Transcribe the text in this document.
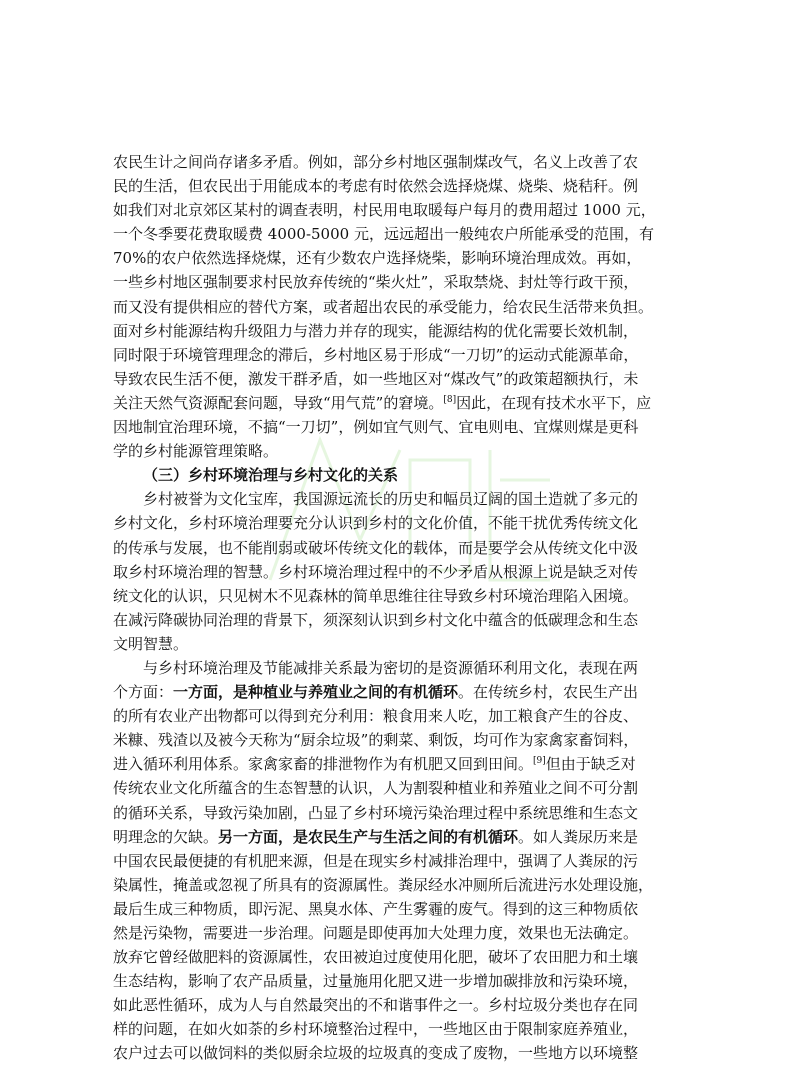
农民生计之间尚存诸多矛盾。例如，部分乡村地区强制煤改气，名义上改善了农
民的生活，但农民出于用能成本的考虑有时依然会选择烧煤、烧柴、烧秸秆。例
如我们对北京郊区某村的调查表明，村民用电取暖每户每月的费用超过 1000 元，
一个冬季要花费取暖费 4000-5000 元，远远超出一般纯农户所能承受的范围，有
70%的农户依然选择烧煤，还有少数农户选择烧柴，影响环境治理成效。再如，
一些乡村地区强制要求村民放弃传统的“柴火灶”，采取禁烧、封灶等行政干预，
而又没有提供相应的替代方案，或者超出农民的承受能力，给农民生活带来负担。
面对乡村能源结构升级阻力与潜力并存的现实，能源结构的优化需要长效机制，
同时限于环境管理理念的滞后，乡村地区易于形成“一刀切”的运动式能源革命，
导致农民生活不便，激发干群矛盾，如一些地区对“煤改气”的政策超额执行，未
关注天然气资源配套问题，导致“用气荒”的窘境。[8]因此，在现有技术水平下，应
因地制宜治理环境，不搞“一刀切”，例如宜气则气、宜电则电、宜煤则煤是更科
学的乡村能源管理策略。
（三）乡村环境治理与乡村文化的关系
乡村被誉为文化宝库，我国源远流长的历史和幅员辽阔的国土造就了多元的
乡村文化，乡村环境治理要充分认识到乡村的文化价值，不能干扰优秀传统文化
的传承与发展，也不能削弱或破坏传统文化的载体，而是要学会从传统文化中汲
取乡村环境治理的智慧。乡村环境治理过程中的不少矛盾从根源上说是缺乏对传
统文化的认识，只见树木不见森林的简单思维往往导致乡村环境治理陷入困境。
在减污降碳协同治理的背景下，须深刻认识到乡村文化中蕴含的低碳理念和生态
文明智慧。
与乡村环境治理及节能减排关系最为密切的是资源循环利用文化，表现在两
个方面：一方面，是种植业与养殖业之间的有机循环。在传统乡村，农民生产出
的所有农业产出物都可以得到充分利用：粮食用来人吃，加工粮食产生的谷皮、
米糠、残渣以及被今天称为“厨余垃圾”的剩菜、剩饭，均可作为家禽家畜饲料，
进入循环利用体系。家禽家畜的排泄物作为有机肥又回到田间。[9]但由于缺乏对
传统农业文化所蕴含的生态智慧的认识，人为割裂种植业和养殖业之间不可分割
的循环关系，导致污染加剧，凸显了乡村环境污染治理过程中系统思维和生态文
明理念的欠缺。另一方面，是农民生产与生活之间的有机循环。如人粪尿历来是
中国农民最便捷的有机肥来源，但是在现实乡村减排治理中，强调了人粪尿的污
染属性，掩盖或忽视了所具有的资源属性。粪尿经水冲厕所后流进污水处理设施，
最后生成三种物质，即污泥、黑臭水体、产生雾霾的废气。得到的这三种物质依
然是污染物，需要进一步治理。问题是即使再加大处理力度，效果也无法确定。
放弃它曾经做肥料的资源属性，农田被迫过度使用化肥，破坏了农田肥力和土壤
生态结构，影响了农产品质量，过量施用化肥又进一步增加碳排放和污染环境，
如此恶性循环，成为人与自然最突出的不和谐事件之一。乡村垃圾分类也存在同
样的问题，在如火如荼的乡村环境整治过程中，一些地区由于限制家庭养殖业，
农户过去可以做饲料的类似厨余垃圾的垃圾真的变成了废物，一些地方以环境整
